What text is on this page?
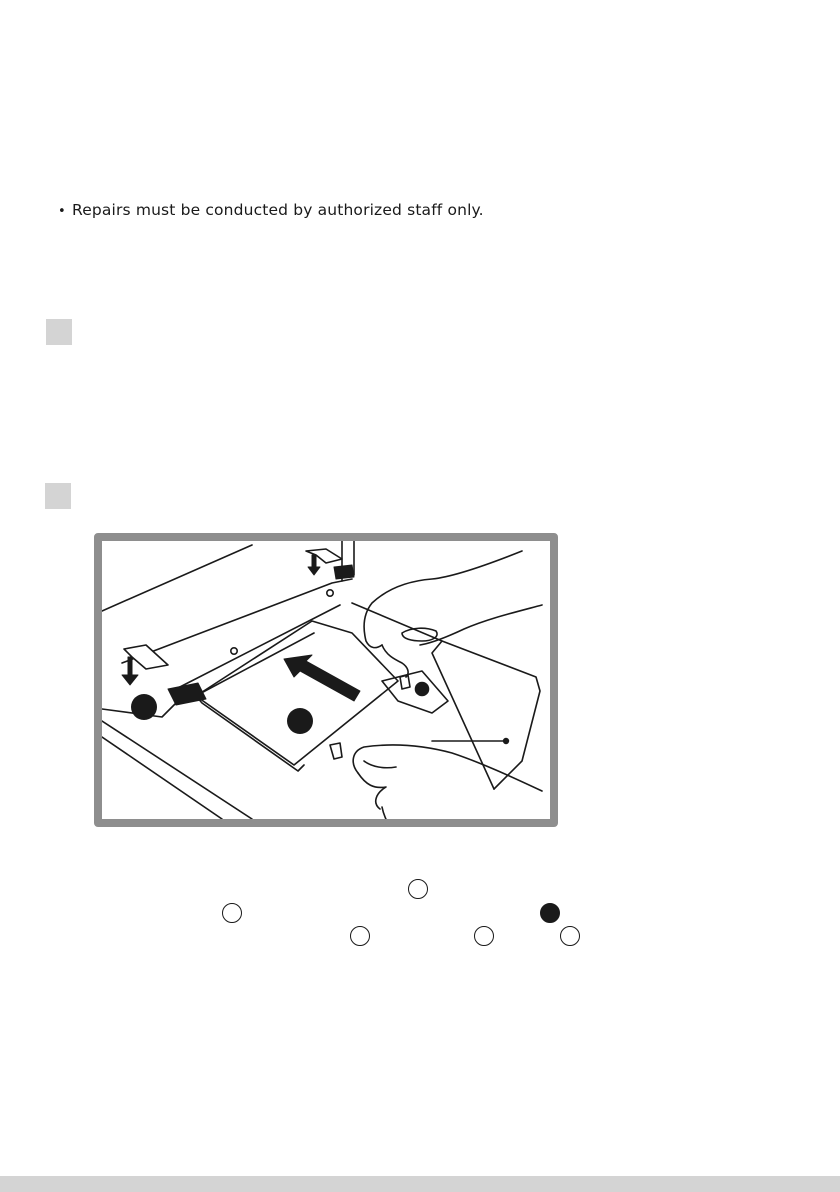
• Repairs must be conducted by authorized staff only.
